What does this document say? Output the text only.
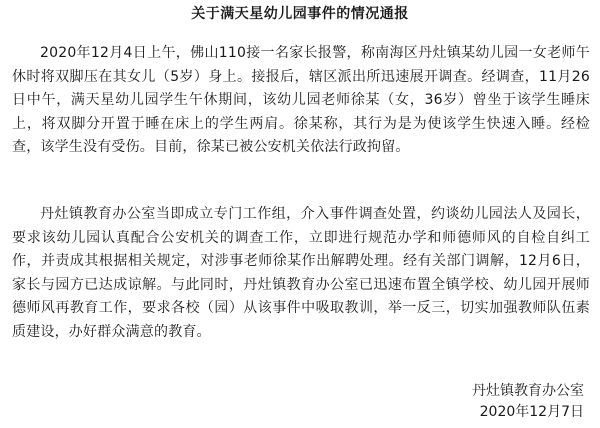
关于满天星幼儿园事件的情况通报

2020年12月4日上午，佛山110接一名家长报警，称南海区丹灶镇某幼儿园一女老师午休时将双脚压在其女儿（5岁）身上。接报后，辖区派出所迅速展开调查。经调查，11月26日中午，满天星幼儿园学生午休期间，该幼儿园老师徐某（女，36岁）曾坐于该学生睡床上，将双脚分开置于睡在床上的学生两肩。徐某称，其行为是为使该学生快速入睡。经检查，该学生没有受伤。目前，徐某已被公安机关依法行政拘留。

丹灶镇教育办公室当即成立专门工作组，介入事件调查处置，约谈幼儿园法人及园长，要求该幼儿园认真配合公安机关的调查工作，立即进行规范办学和师德师风的自检自纠工作，并责成其根据相关规定，对涉事老师徐某作出解聘处理。经有关部门调解，12月6日，家长与园方已达成谅解。与此同时，丹灶镇教育办公室已迅速布置全镇学校、幼儿园开展师德师风再教育工作，要求各校（园）从该事件中吸取教训，举一反三，切实加强教师队伍素质建设，办好群众满意的教育。

丹灶镇教育办公室
2020年12月7日
